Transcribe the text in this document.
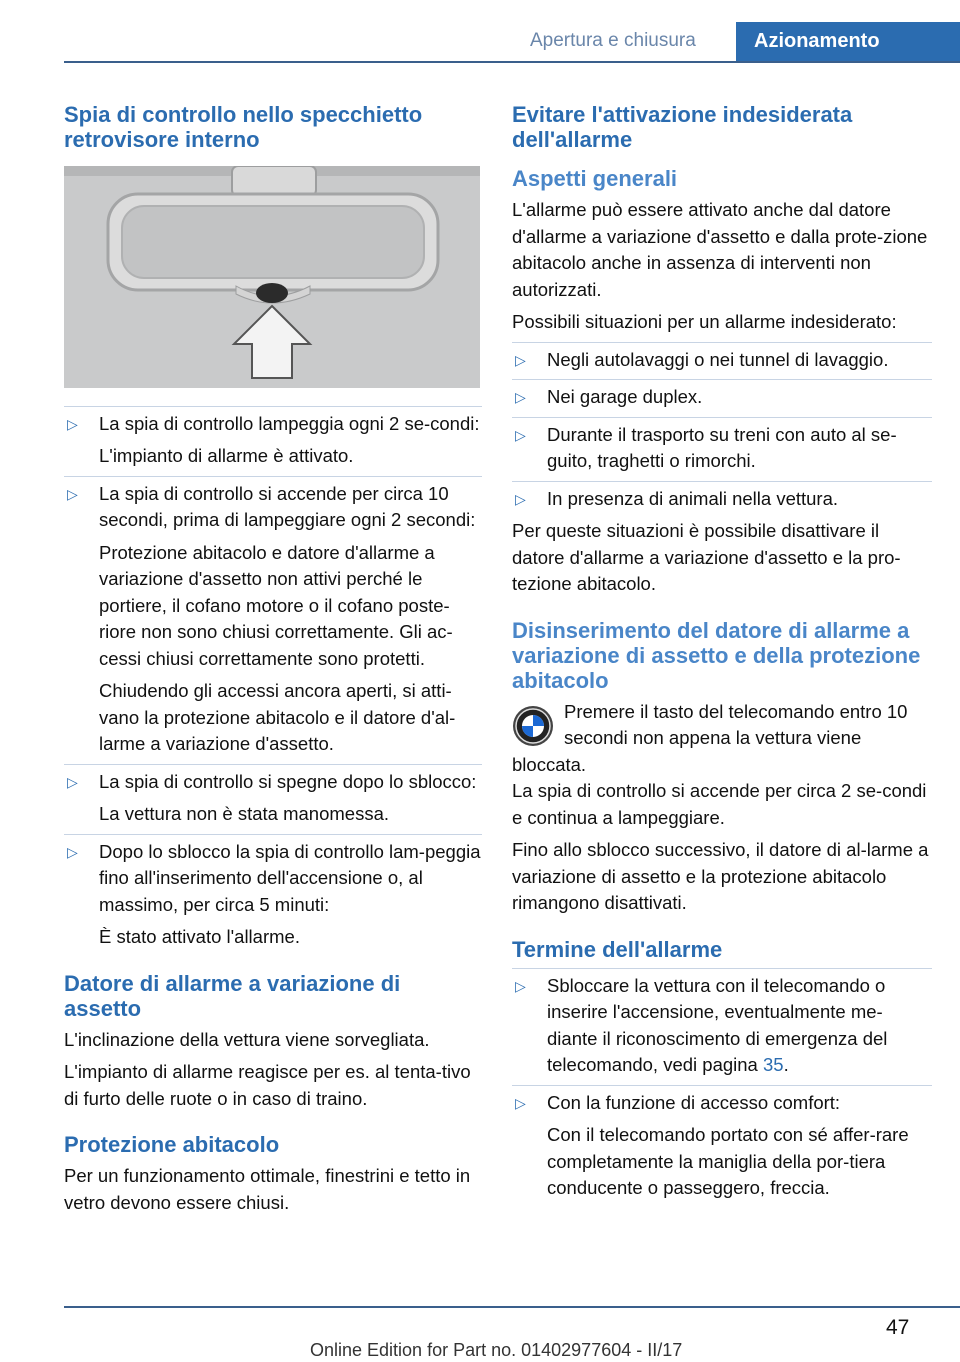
Apertura e chiusura	Azionamento
Spia di controllo nello specchietto retrovisore interno
▷ La spia di controllo lampeggia ogni 2 se-condi:
L'impianto di allarme è attivato.
▷ La spia di controllo si accende per circa 10 secondi, prima di lampeggiare ogni 2 secondi:
Protezione abitacolo e datore d'allarme a variazione d'assetto non attivi perché le portiere, il cofano motore o il cofano poste-riore non sono chiusi correttamente. Gli ac-cessi chiusi correttamente sono protetti.
Chiudendo gli accessi ancora aperti, si atti-vano la protezione abitacolo e il datore d'al-larme a variazione d'assetto.
▷ La spia di controllo si spegne dopo lo sblocco:
La vettura non è stata manomessa.
▷ Dopo lo sblocco la spia di controllo lam-peggia fino all'inserimento dell'accensione o, al massimo, per circa 5 minuti:
È stato attivato l'allarme.
Datore di allarme a variazione di assetto

L'inclinazione della vettura viene sorvegliata.

L'impianto di allarme reagisce per es. al tenta-tivo di furto delle ruote o in caso di traino.

Protezione abitacolo

Per un funzionamento ottimale, finestrini e tetto in vetro devono essere chiusi.

Evitare l'attivazione indesiderata dell'allarme
Aspetti generali

L'allarme può essere attivato anche dal datore d'allarme a variazione d'assetto e dalla prote-zione abitacolo anche in assenza di interventi non autorizzati.

Possibili situazioni per un allarme indesiderato:

▷ Negli autolavaggi o nei tunnel di lavaggio.
▷ Nei garage duplex.
▷ Durante il trasporto su treni con auto al se-guito, traghetti o rimorchi.
▷ In presenza di animali nella vettura.

Per queste situazioni è possibile disattivare il datore d'allarme a variazione d'assetto e la pro-tezione abitacolo.

Disinserimento del datore di allarme a variazione di assetto e della protezione abitacolo
Premere il tasto del telecomando entro 10 secondi non appena la vettura viene
bloccata.

La spia di controllo si accende per circa 2 se-condi e continua a lampeggiare.

Fino allo sblocco successivo, il datore di al-larme a variazione di assetto e la protezione abitacolo rimangono disattivati.

Termine dell'allarme
▷ Sbloccare la vettura con il telecomando o inserire l'accensione, eventualmente me-diante il riconoscimento di emergenza del telecomando, vedi pagina 35.
▷ Con la funzione di accesso comfort:
Con il telecomando portato con sé affer-rare completamente la maniglia della por-tiera conducente o passeggero, freccia.
47
Online Edition for Part no. 01402977604 - II/17
